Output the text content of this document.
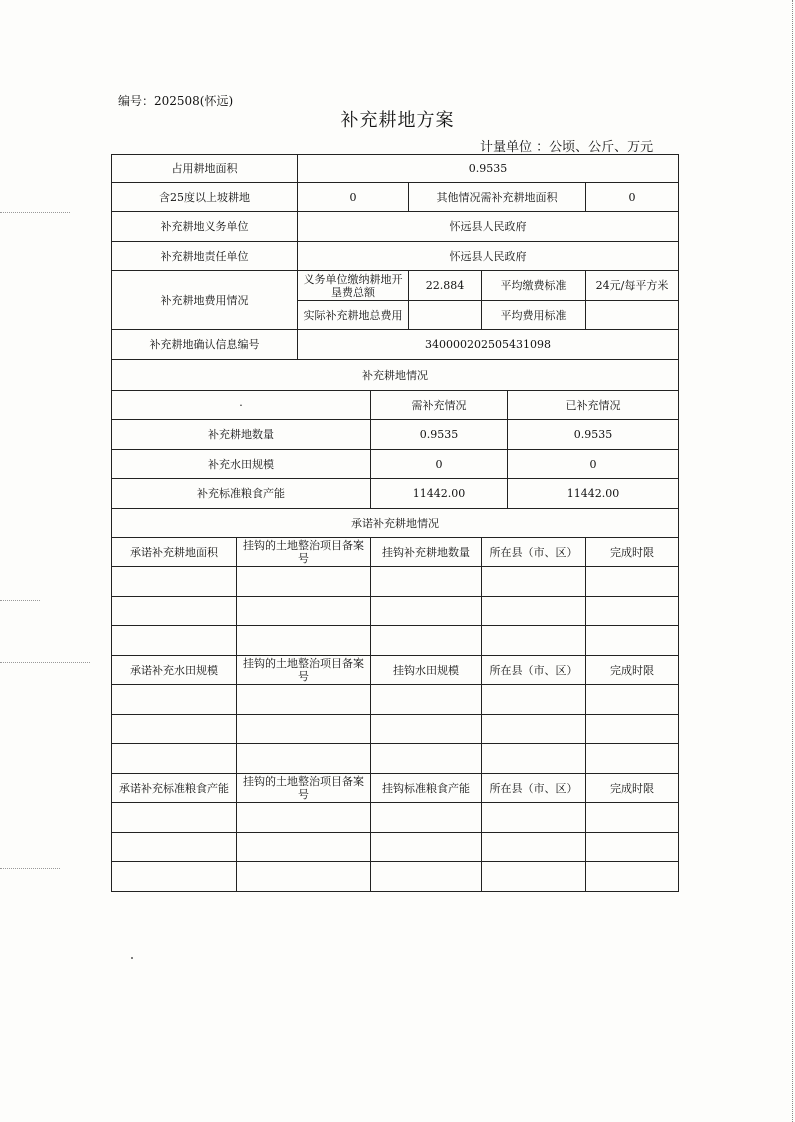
编号：202508(怀远)
补充耕地方案
计量单位 ：公顷、公斤、万元
占用耕地面积		0.9535					
含25度以上坡耕地		0		其他情况需补充耕地面积			0
补充耕地义务单位		怀远县人民政府					
补充耕地责任单位		怀远县人民政府					
补充耕地费用情况		义务单位缴纳耕地开垦费总额		22.884	平均缴费标准		24元/每平方米
		实际补充耕地总费用			平均费用标准		
补充耕地确认信息编号		340000202505431098					
补充耕地情况							
·			需补充情况			已补充情况	
补充耕地数量			0.9535			0.9535	
补充水田规模			0			0	
补充标准粮食产能			11442.00			11442.00	
承诺补充耕地情况							
承诺补充耕地面积	挂钩的土地整治项目备案号		挂钩补充耕地数量		所在县（市、区）		完成时限

承诺补充水田规模	挂钩的土地整治项目备案号		挂钩水田规模		所在县（市、区）		完成时限

承诺补充标准粮食产能	挂钩的土地整治项目备案号		挂钩标准粮食产能		所在县（市、区）		完成时限
